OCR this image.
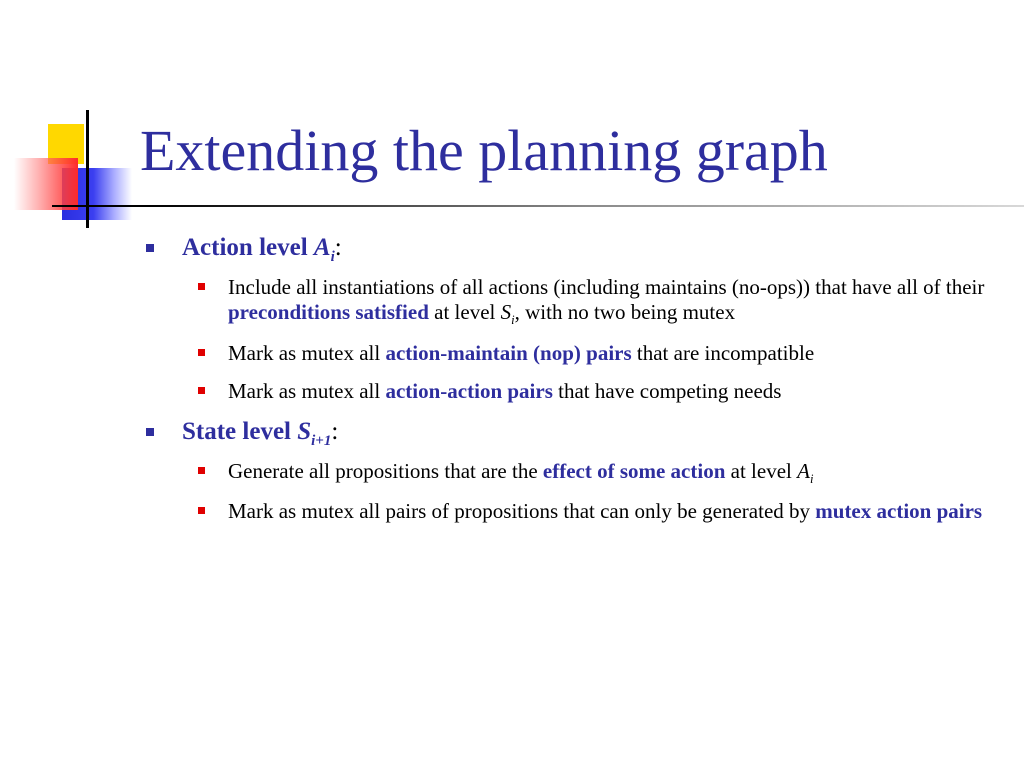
Extending the planning graph
Action level $A_i$:
Include all instantiations of all actions (including maintains (no-ops)) that have all of their preconditions satisfied at level $S_i$, with no two being mutex
Mark as mutex all action-maintain (nop) pairs that are incompatible
Mark as mutex all action-action pairs that have competing needs
State level $S_{i+1}$:
Generate all propositions that are the effect of some action at level $A_i$
Mark as mutex all pairs of propositions that can only be generated by mutex action pairs
